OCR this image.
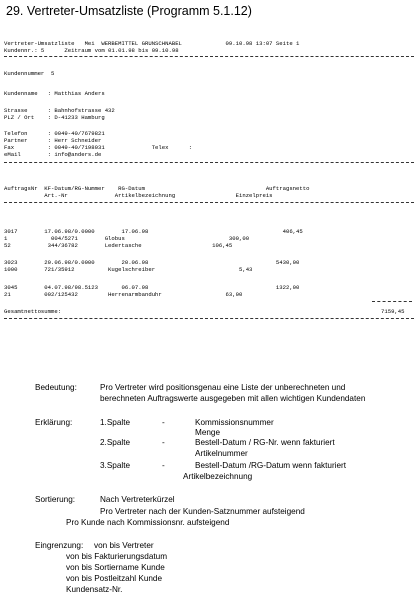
29. Vertreter-Umsatzliste (Programm 5.1.12)
Vertreter-Umsatzliste   Mei  WERBEMITTEL GRUNSCHNABEL             09.10.98 13:07 Seite 1
Kundennr.: 5      Zeitraum vom 01.01.98 bis 09.10.98
Kundennummer  5
Kundenname   : Matthias Anders
Strasse      : Bahnhofstrasse 432
PLZ / Ort    : D-41233 Hamburg
Telefon      : 0049-40/7679821
Partner      : Herr Schneider
Fax          : 0049-40/7198031              Telex      :
eMail        : info@anders.de
AuftragsNr  KF-Datum/RG-Nummer    RG-Datum                                    Auftragsnetto
Art.-Nr              Artikelbezeichnung                  Einzelpreis
3017        17.06.98/0.0000        17.06.98                                        406,45
1             004/5271        Globus                               300,00
52           344/36782        Ledertasche                     106,45
3023        20.06.98/0.0000        20.06.98                                      5430,00
1000        721/35912          Kugelschreiber                         5,43
3045        04.07.98/98.5123       06.07.98                                      1322,00
21          002/125432         Herrenarmbanduhr                   63,00
Gesamtnettosumme:	7159,45
Bedeutung:	Pro Vertreter wird positionsgenau eine Liste der unberechneten und
berechneten Auftragswerte ausgegeben mit allen wichtigen Kundendaten
Erklärung:	1.Spalte	-	Kommissionsnummer
Menge
2.Spalte	-	Bestell-Datum / RG-Nr. wenn fakturiert
Artikelnummer
3.Spalte	-	Bestell-Datum /RG-Datum wenn fakturiert
Artikelbezeichnung
Sortierung:	Nach Vertreterkürzel
Pro Vertreter nach der Kunden-Satznummer aufsteigend
Pro Kunde nach Kommissionsnr. aufsteigend
Eingrenzung: von bis Vertreter
von bis Fakturierungsdatum
von bis Sortiername Kunde
von bis Postleitzahl Kunde
Kundensatz-Nr.
